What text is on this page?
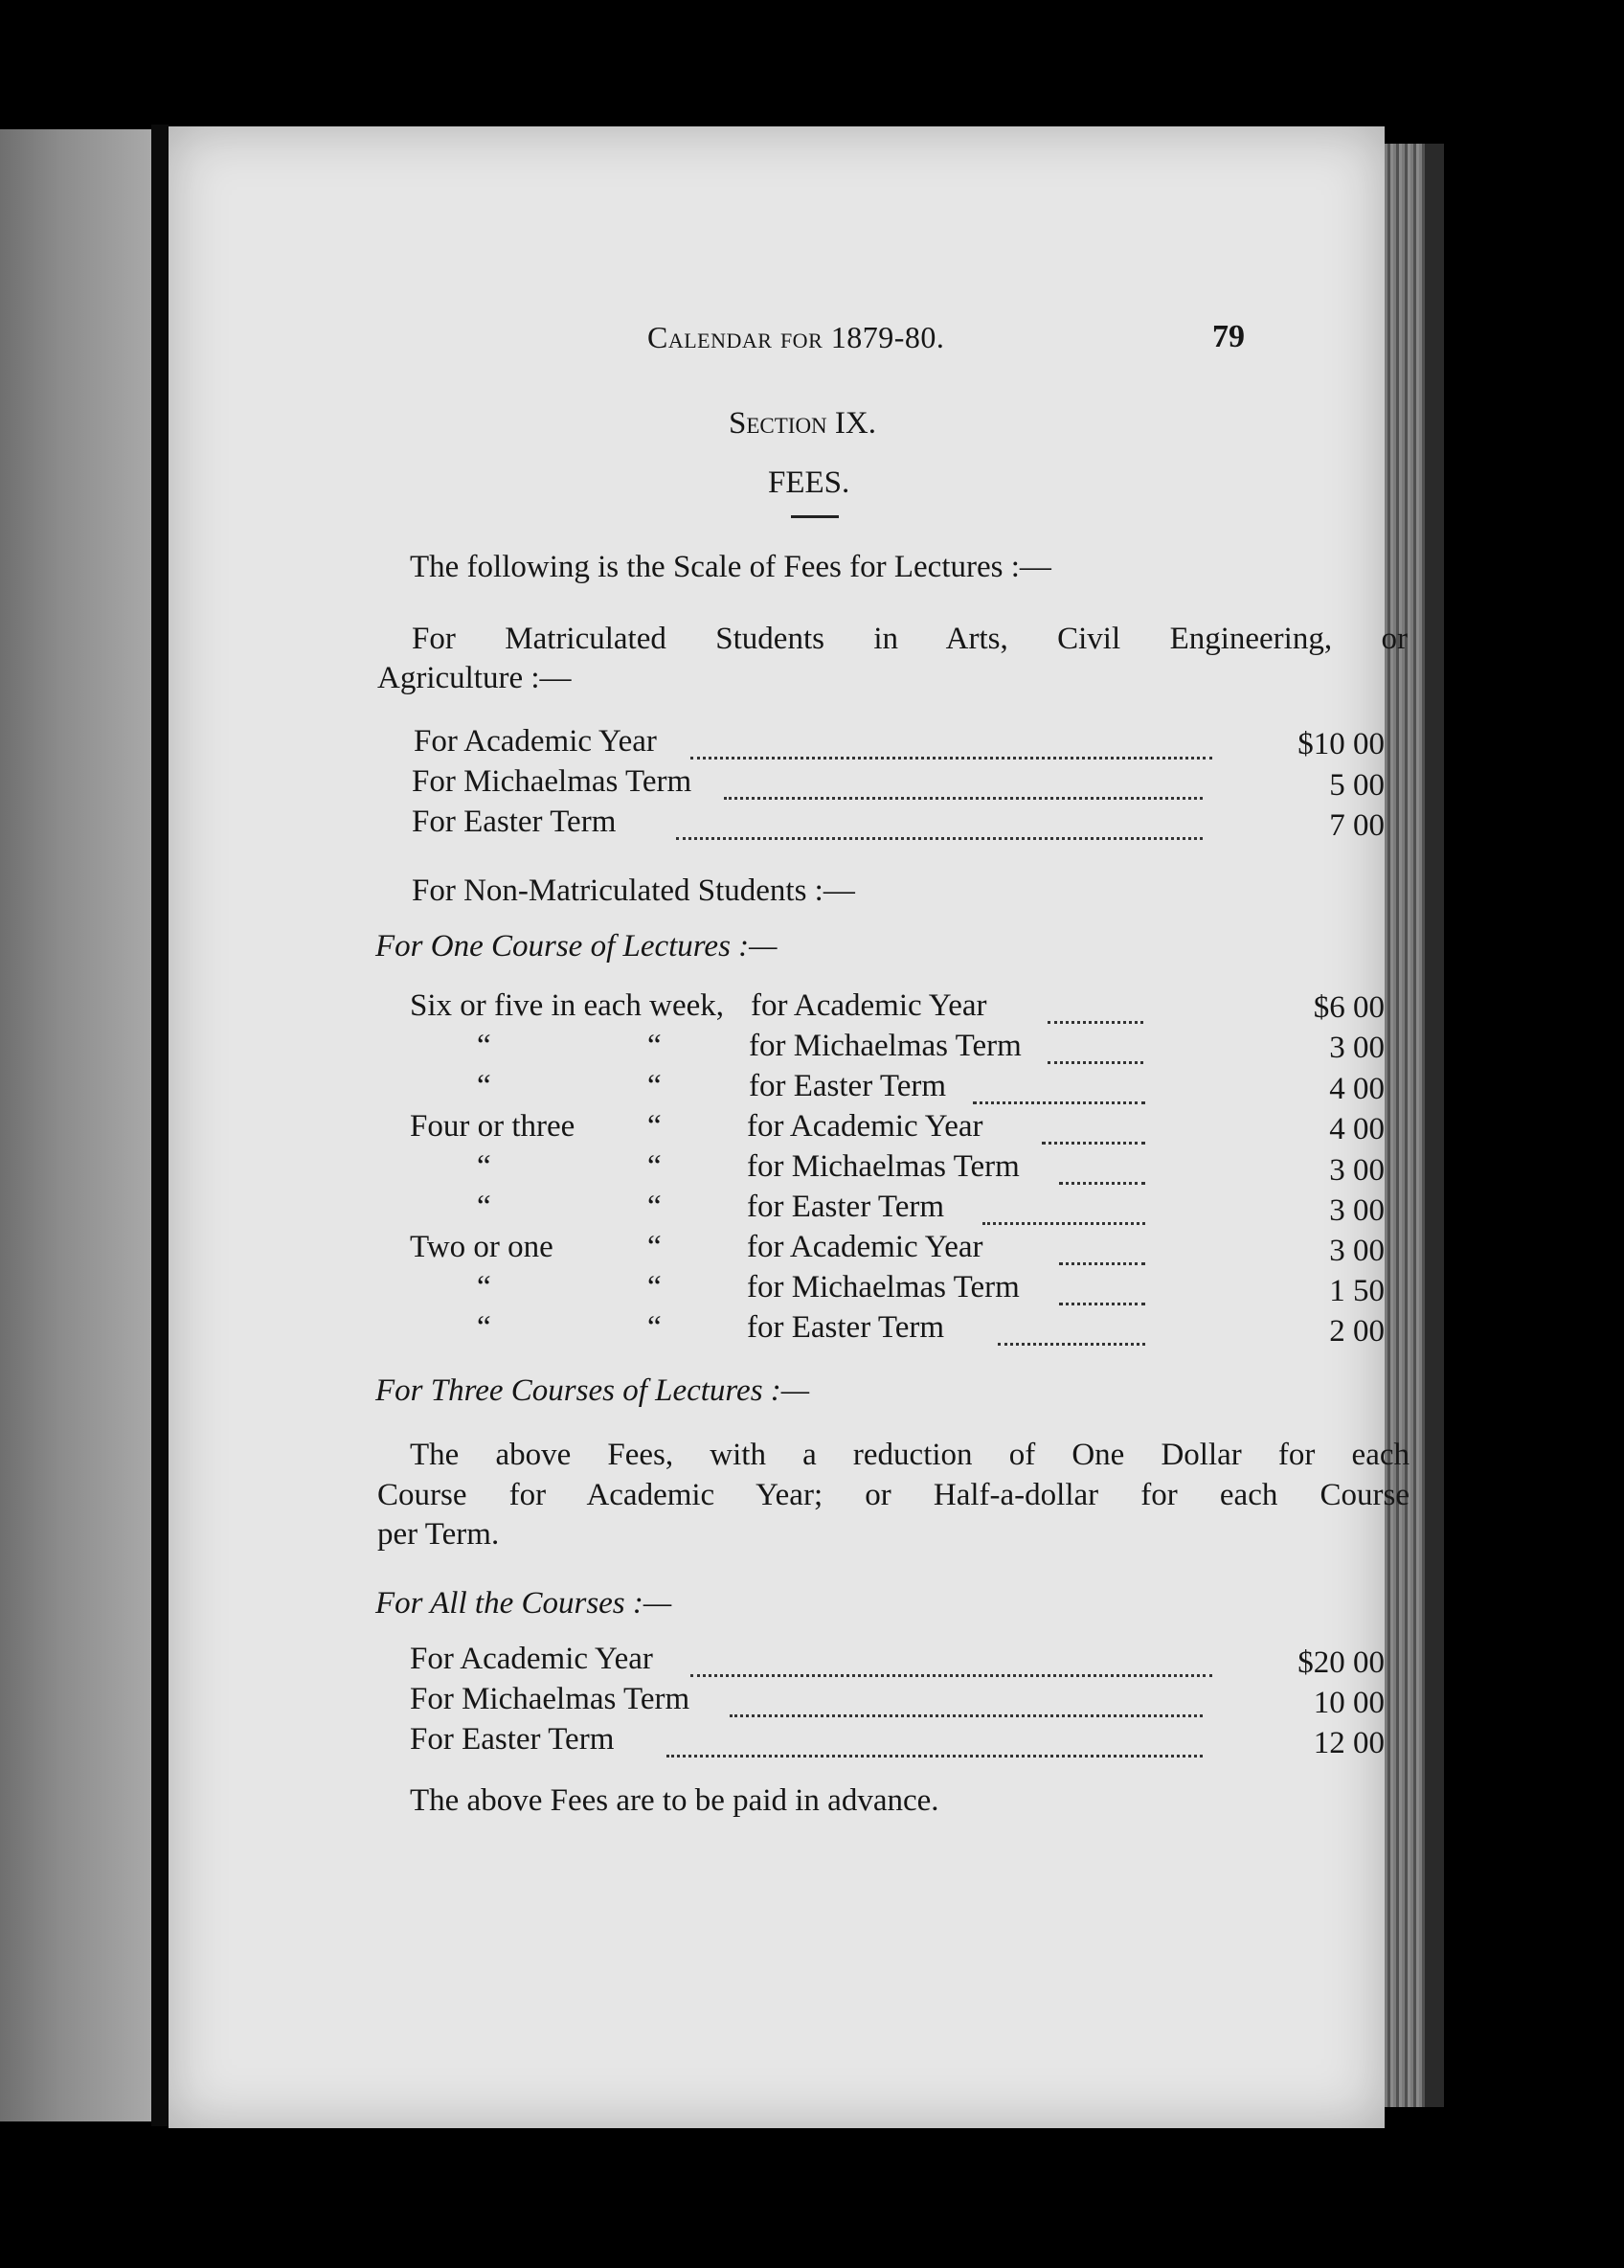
Calendar for 1879-80.	79
Section IX.
FEES.
The following is the Scale of Fees for Lectures :—
For Matriculated Students in Arts, Civil Engineering, or
Agriculture :—
For Academic Year	$10 00
For Michaelmas Term	5 00
For Easter Term	7 00
For Non-Matriculated Students :—
For One Course of Lectures :—
Six or five in each week, for Academic Year	$6 00
“	“	for Michaelmas Term	3 00
“	“	for Easter Term	4 00
Four or three “	for Academic Year	4 00
“	“	for Michaelmas Term	3 00
“	“	for Easter Term	3 00
Two or one	“	for Academic Year	3 00
“	“	for Michaelmas Term	1 50
“	“	for Easter Term	2 00
For Three Courses of Lectures :—
The above Fees, with a reduction of One Dollar for each
Course for Academic Year; or Half-a-dollar for each Course
per Term.
For All the Courses :—
For Academic Year	$20 00
For Michaelmas Term	10 00
For Easter Term	12 00
The above Fees are to be paid in advance.
